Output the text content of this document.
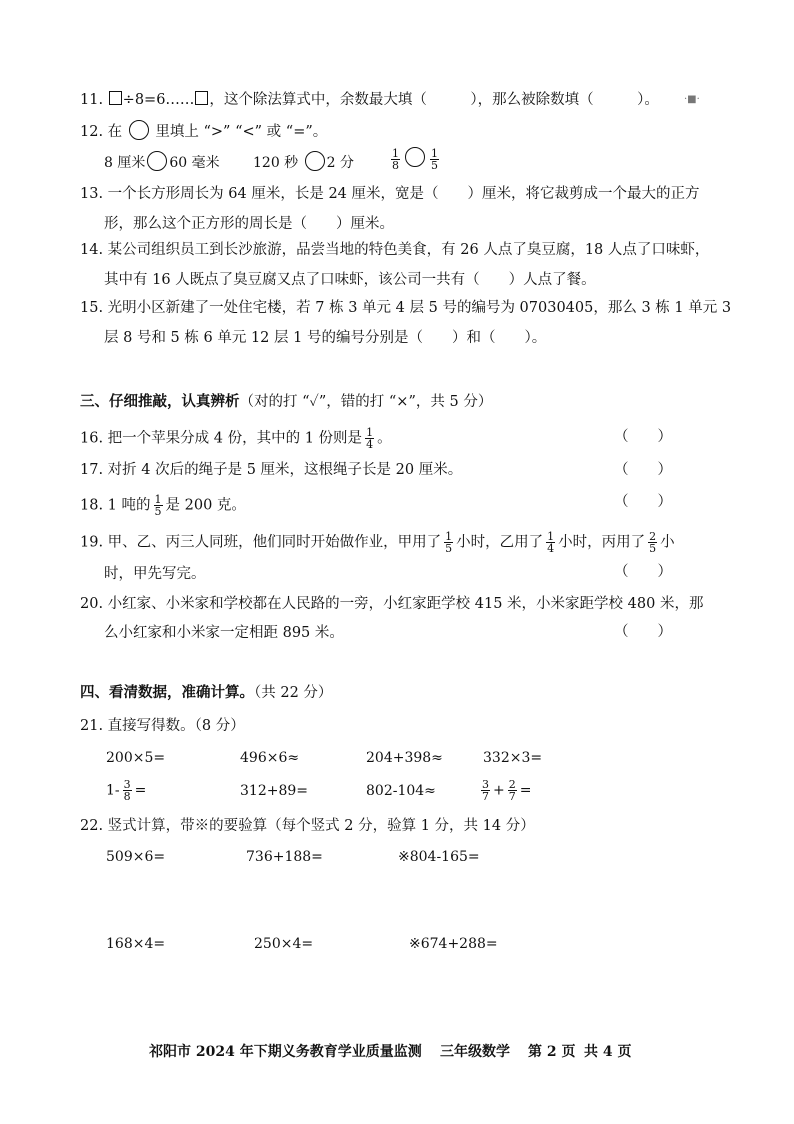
·■·
11. ÷8=6…… ，这个除法算式中，余数最大填（　　　），那么被除数填（　　　）。
12. 在 里填上 “>” “<” 或 “=”。
8 厘米 60 毫米 120 秒 2 分	$\frac{1}{8}$	$\frac{1}{5}$
13. 一个长方形周长为 64 厘米，长是 24 厘米，宽是（　　）厘米，将它裁剪成一个最大的正方
形，那么这个正方形的周长是（　　）厘米。
14. 某公司组织员工到长沙旅游，品尝当地的特色美食，有 26 人点了臭豆腐，18 人点了口味虾，
其中有 16 人既点了臭豆腐又点了口味虾，该公司一共有（　　）人点了餐。
15. 光明小区新建了一处住宅楼，若 7 栋 3 单元 4 层 5 号的编号为 07030405，那么 3 栋 1 单元 3
层 8 号和 5 栋 6 单元 12 层 1 号的编号分别是（　　）和（　　）。
三、仔细推敲，认真辨析（对的打 “✓”，错的打 “×”，共 5 分）
16. 把一个苹果分成 4 份，其中的 1 份则是 $\frac{1}{4}$ 。	（　　）
17. 对折 4 次后的绳子是 5 厘米，这根绳子长是 20 厘米。	（　　）
18. 1 吨的 $\frac{1}{5}$ 是 200 克。	（　　）
19. 甲、乙、丙三人同班，他们同时开始做作业，甲用了 $\frac{1}{5}$ 小时，乙用了 $\frac{1}{4}$ 小时，丙用了 $\frac{2}{5}$ 小
时，甲先写完。	（　　）
20. 小红家、小米家和学校都在人民路的一旁，小红家距学校 415 米，小米家距学校 480 米，那
么小红家和小米家一定相距 895 米。	（　　）
四、看清数据，准确计算。（共 22 分）
21. 直接写得数。（8 分）
200×5=	496×6≈	204+398≈	332×3=
$1- \frac{3}{8}$ =	312+89=	802-104≈	$\frac{3}{7} + \frac{2}{7}$ =
22. 竖式计算，带※的要验算（每个竖式 2 分，验算 1 分，共 14 分）
509×6=	736+188=	※804-165=
168×4=	250×4=	※674+288=
祁阳市 2024 年下期义务教育学业质量监测 三年级数学 第 2 页 共 4 页
